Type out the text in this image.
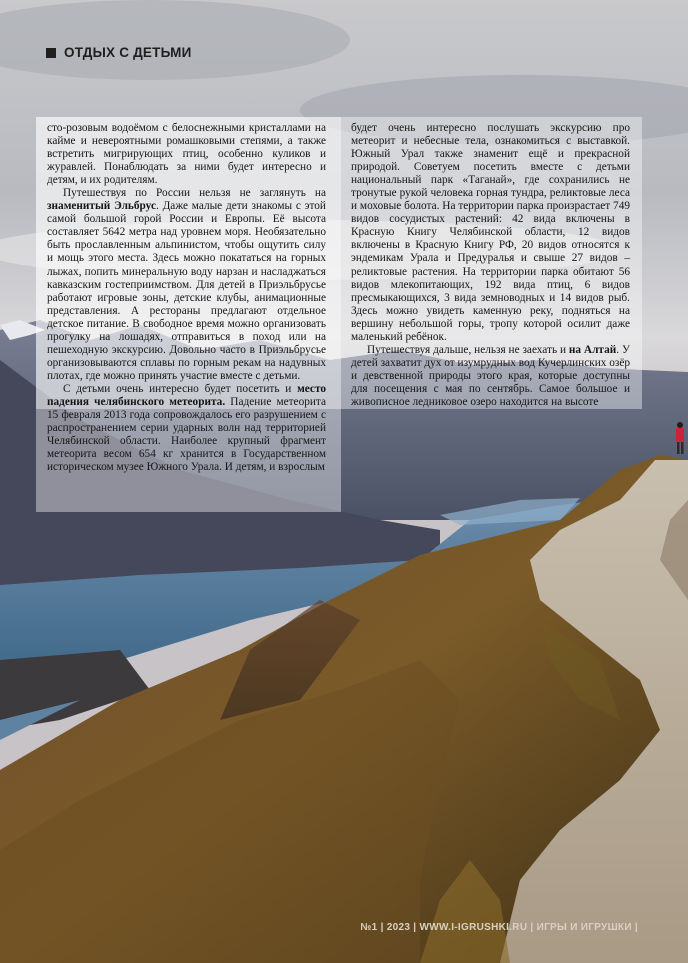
ОТДЫХ С ДЕТЬМИ

сто-розовым водоёмом с белоснежными кристаллами на кайме и невероятными ромашковыми степями, а также встретить мигрирующих птиц, особенно куликов и журавлей. Понаблюдать за ними будет интересно и детям, и их родителям.

Путешествуя по России нельзя не заглянуть на знаменитый Эльбрус. Даже малые дети знакомы с этой самой большой горой России и Европы. Её высота составляет 5642 метра над уровнем моря. Необязательно быть прославленным альпинистом, чтобы ощутить силу и мощь этого места. Здесь можно покататься на горных лыжах, попить минеральную воду нарзан и насладжаться кавказским гостеприимством. Для детей в Приэльбрусье работают игровые зоны, детские клубы, анимационные представления. А рестораны предлагают отдельное детское питание. В свободное время можно организовать прогулку на лошадях, отправиться в поход или на пешеходную экскурсию. Довольно часто в Приэльбрусье организовываются сплавы по горным рекам на надувных плотах, где можно принять участие вместе с детьми.

С детьми очень интересно будет посетить и место падения челябинского метеорита. Падение метеорита 15 февраля 2013 года сопровождалось его разрушением с распространением серии ударных волн над территорией Челябинской области. Наиболее крупный фрагмент метеорита весом 654 кг хранится в Государственном историческом музее Южного Урала. И детям, и взрослым

будет очень интересно послушать экскурсию про метеорит и небесные тела, ознакомиться с выставкой. Южный Урал также знаменит ещё и прекрасной природой. Советуем посетить вместе с детьми национальный парк «Таганай», где сохранились не тронутые рукой человека горная тундра, реликтовые леса и моховые болота. На территории парка произрастает 749 видов сосудистых растений: 42 вида включены в Красную Книгу Челябинской области, 12 видов включены в Красную Книгу РФ, 20 видов относятся к эндемикам Урала и Предуралья и свыше 27 видов – реликтовые растения. На территории парка обитают 56 видов млекопитающих, 192 вида птиц, 6 видов пресмыкающихся, 3 вида земноводных и 14 видов рыб. Здесь можно увидеть каменную реку, подняться на вершину небольшой горы, тропу которой осилит даже маленький ребёнок.

Путешествуя дальше, нельзя не заехать и на Алтай. У детей захватит дух от изумрудных вод Кучерлинских озёр и девственной природы этого края, которые доступны для посещения с мая по сентябрь. Самое большое и живописное ледниковое озеро находится на высоте

№1 | 2023 | WWW.I-IGRUSHKI.RU | ИГРЫ И ИГРУШКИ |
